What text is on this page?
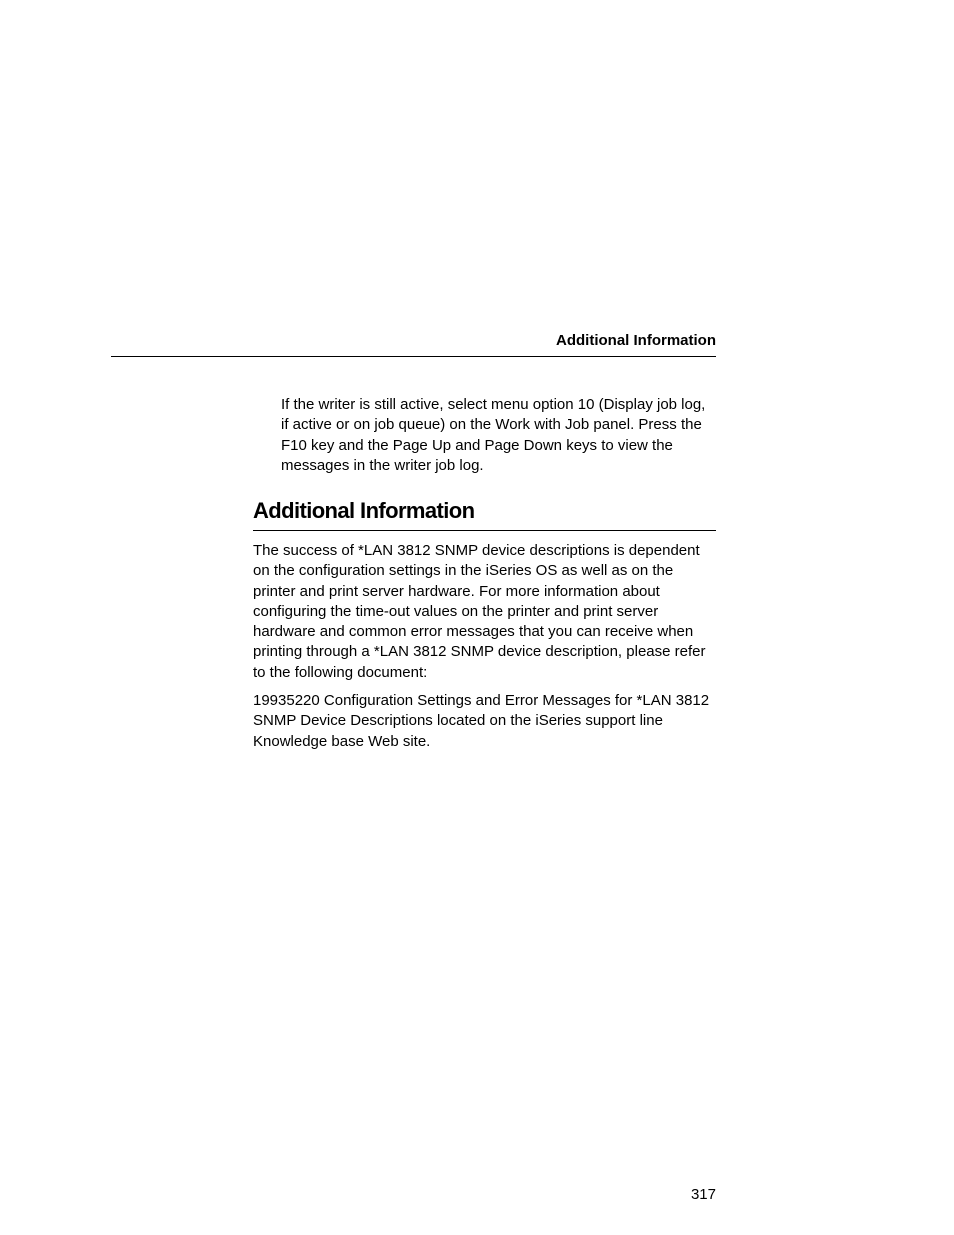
Additional Information

If the writer is still active, select menu option 10 (Display job log, if active or on job queue) on the Work with Job panel. Press the F10 key and the Page Up and Page Down keys to view the messages in the writer job log.

Additional Information

The success of *LAN 3812 SNMP device descriptions is dependent on the configuration settings in the iSeries OS as well as on the printer and print server hardware. For more information about configuring the time-out values on the printer and print server hardware and common error messages that you can receive when printing through a *LAN 3812 SNMP device description, please refer to the following document:

19935220 Configuration Settings and Error Messages for *LAN 3812 SNMP Device Descriptions located on the iSeries support line Knowledge base Web site.

317
